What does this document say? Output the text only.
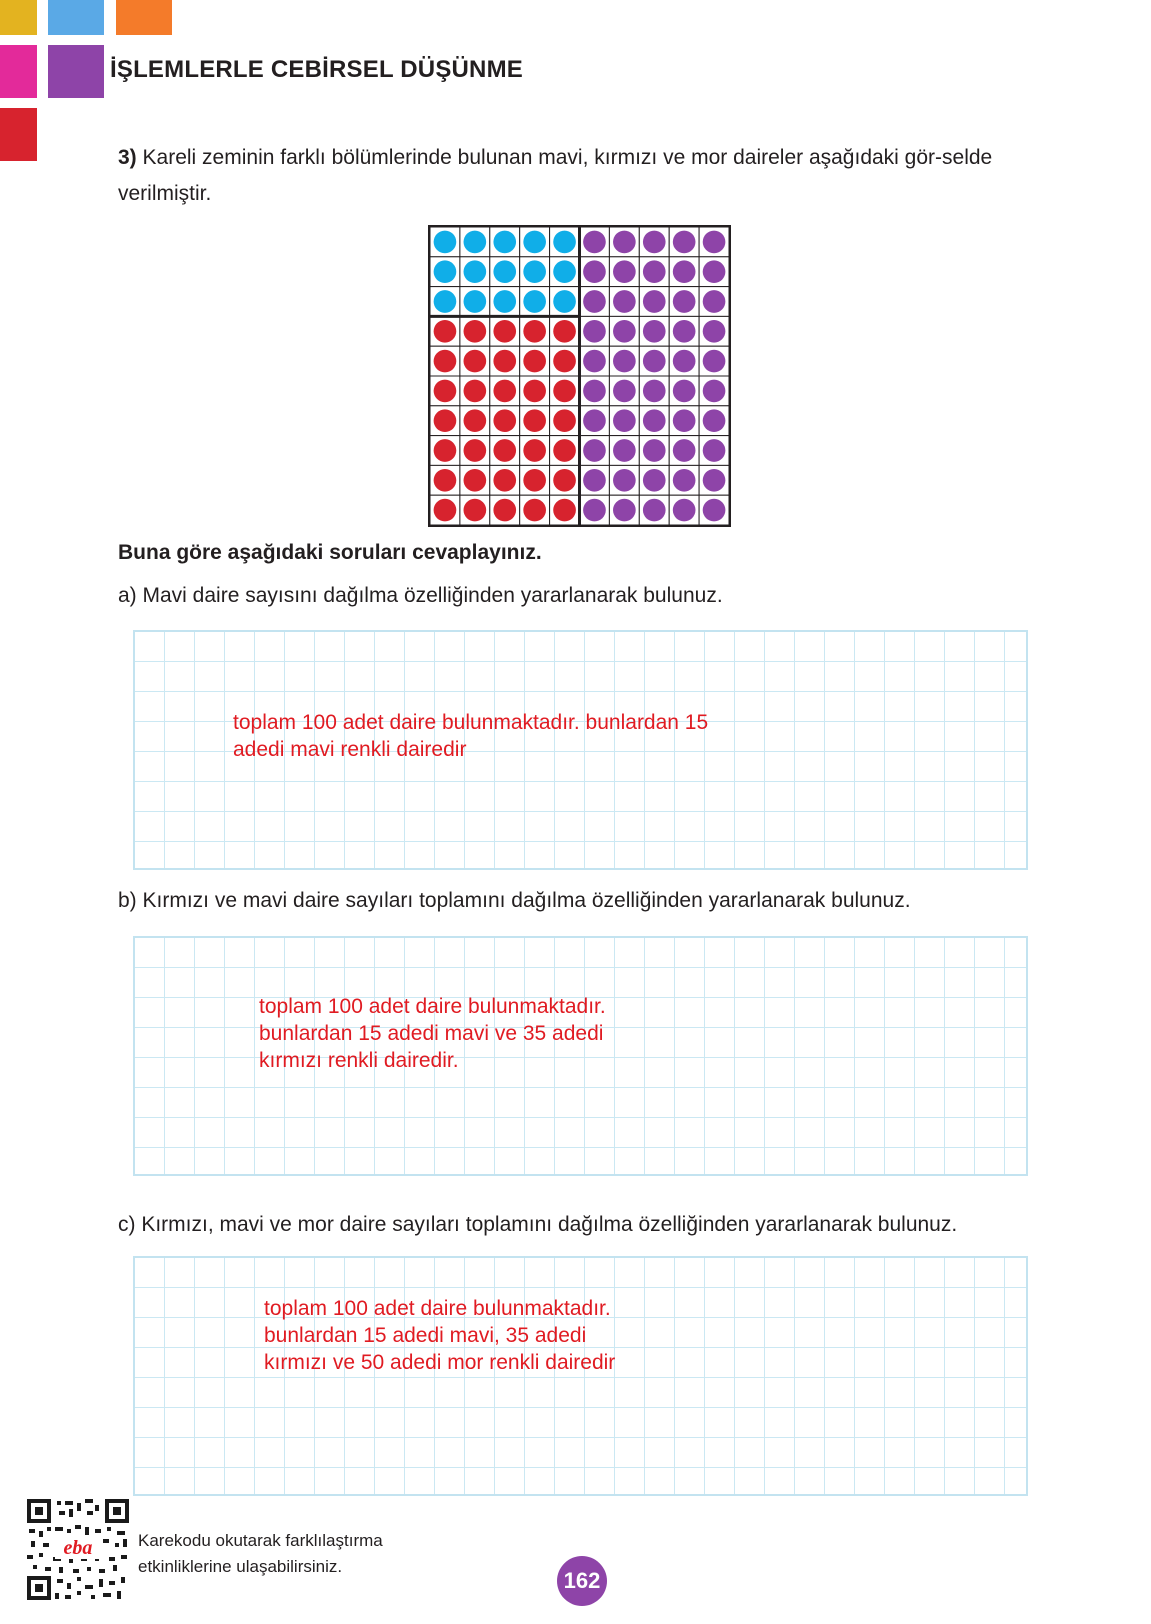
İŞLEMLERLE CEBİRSEL DÜŞÜNME
3) Kareli zeminin farklı bölümlerinde bulunan mavi, kırmızı ve mor daireler aşağıdaki gör-selde verilmiştir.
Buna göre aşağıdaki soruları cevaplayınız.
a) Mavi daire sayısını dağılma özelliğinden yararlanarak bulunuz.
toplam 100 adet daire bulunmaktadır. bunlardan 15
adedi mavi renkli dairedir
b) Kırmızı ve mavi daire sayıları toplamını dağılma özelliğinden yararlanarak bulunuz.
toplam 100 adet daire bulunmaktadır.
bunlardan 15 adedi mavi ve 35 adedi
kırmızı renkli dairedir.
c) Kırmızı, mavi ve mor daire sayıları toplamını dağılma özelliğinden yararlanarak bulunuz.
toplam 100 adet daire bulunmaktadır.
bunlardan 15 adedi mavi, 35 adedi
kırmızı ve 50 adedi mor renkli dairedir
eba	Karekodu okutarak farklılaştırma
etkinliklerine ulaşabilirsiniz.
162
